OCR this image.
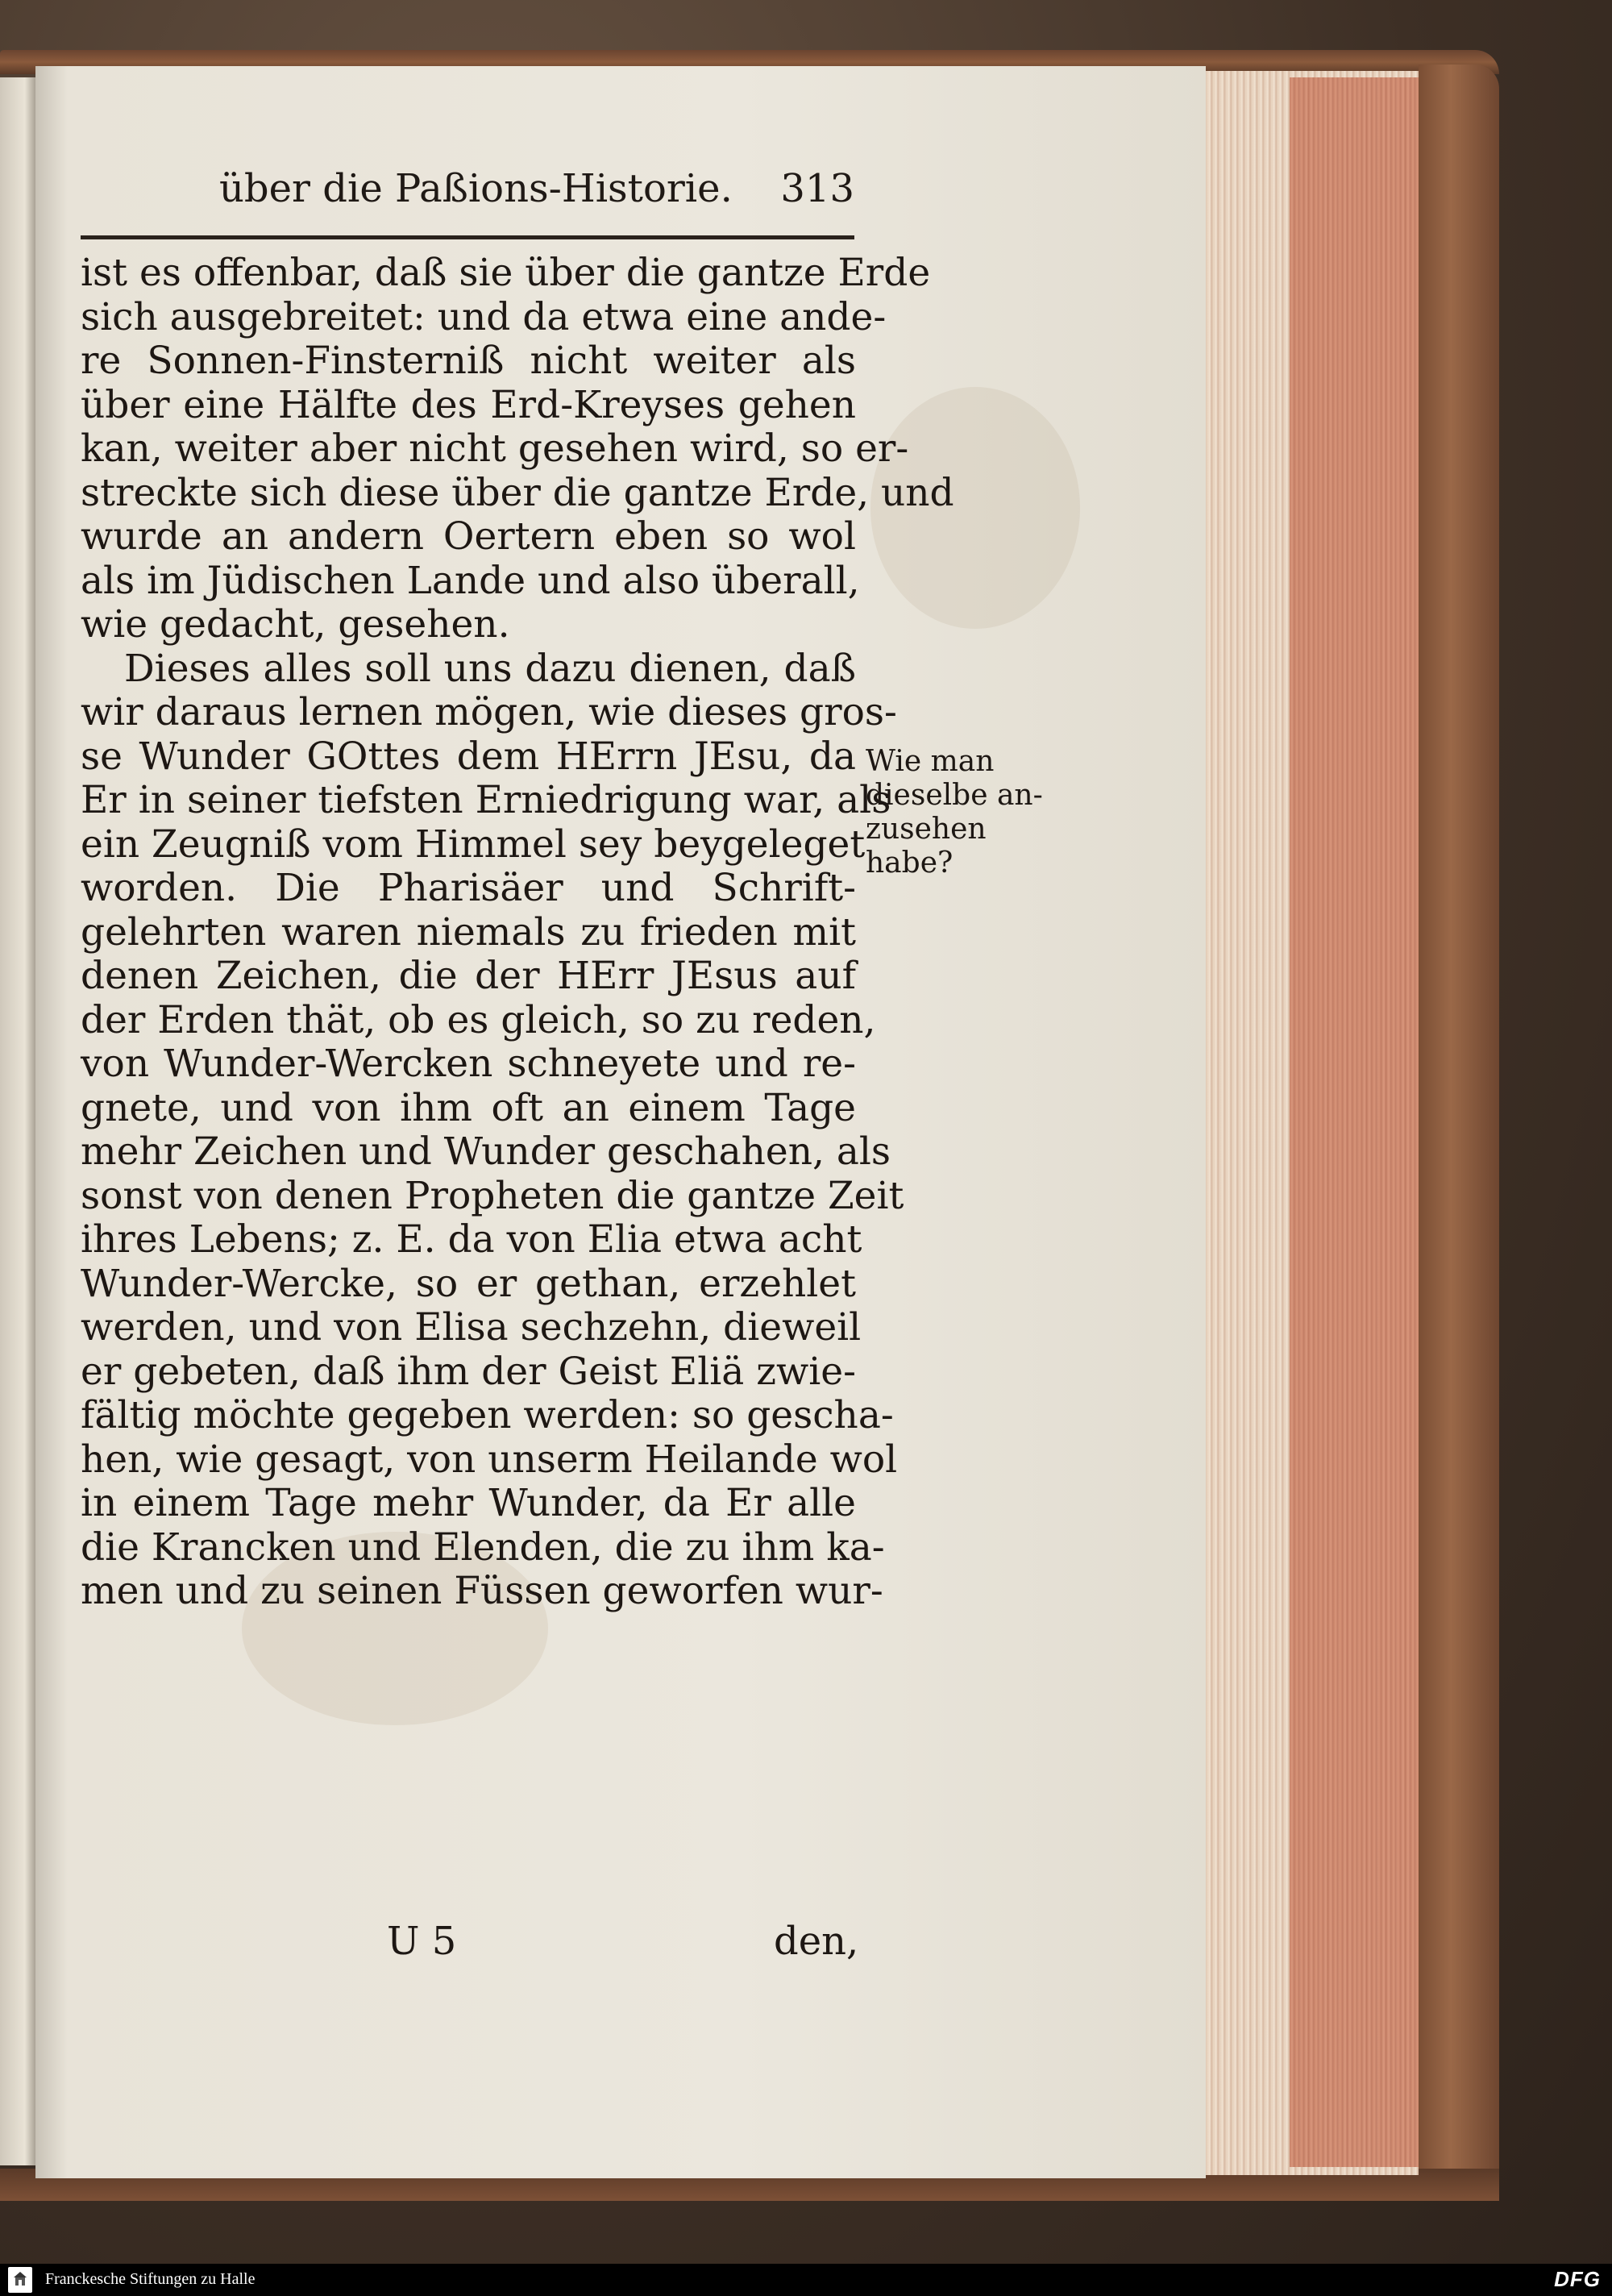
über die Paßions-Historie. 313
ist es offenbar, daß sie über die gantze Erde
sich ausgebreitet: und da etwa eine ande-
re Sonnen-Finsterniß nicht weiter als
über eine Hälfte des Erd-Kreyses gehen
kan, weiter aber nicht gesehen wird, so er-
streckte sich diese über die gantze Erde, und
wurde an andern Oertern eben so wol
als im Jüdischen Lande und also überall,
wie gedacht, gesehen.
Dieses alles soll uns dazu dienen, daß
wir daraus lernen mögen, wie dieses gros-
se Wunder GOttes dem HErrn JEsu, da
Er in seiner tiefsten Erniedrigung war, als
ein Zeugniß vom Himmel sey beygeleget
worden. Die Pharisäer und Schrift-
gelehrten waren niemals zu frieden mit
denen Zeichen, die der HErr JEsus auf
der Erden thät, ob es gleich, so zu reden,
von Wunder-Wercken schneyete und re-
gnete, und von ihm oft an einem Tage
mehr Zeichen und Wunder geschahen, als
sonst von denen Propheten die gantze Zeit
ihres Lebens; z. E. da von Elia etwa acht
Wunder-Wercke, so er gethan, erzehlet
werden, und von Elisa sechzehn, dieweil
er gebeten, daß ihm der Geist Eliä zwie-
fältig möchte gegeben werden: so gescha-
hen, wie gesagt, von unserm Heilande wol
in einem Tage mehr Wunder, da Er alle
die Krancken und Elenden, die zu ihm ka-
men und zu seinen Füssen geworfen wur-
Wie man
dieselbe an-
zusehen
habe?
U 5	den,
Franckesche Stiftungen zu Halle	DFG
